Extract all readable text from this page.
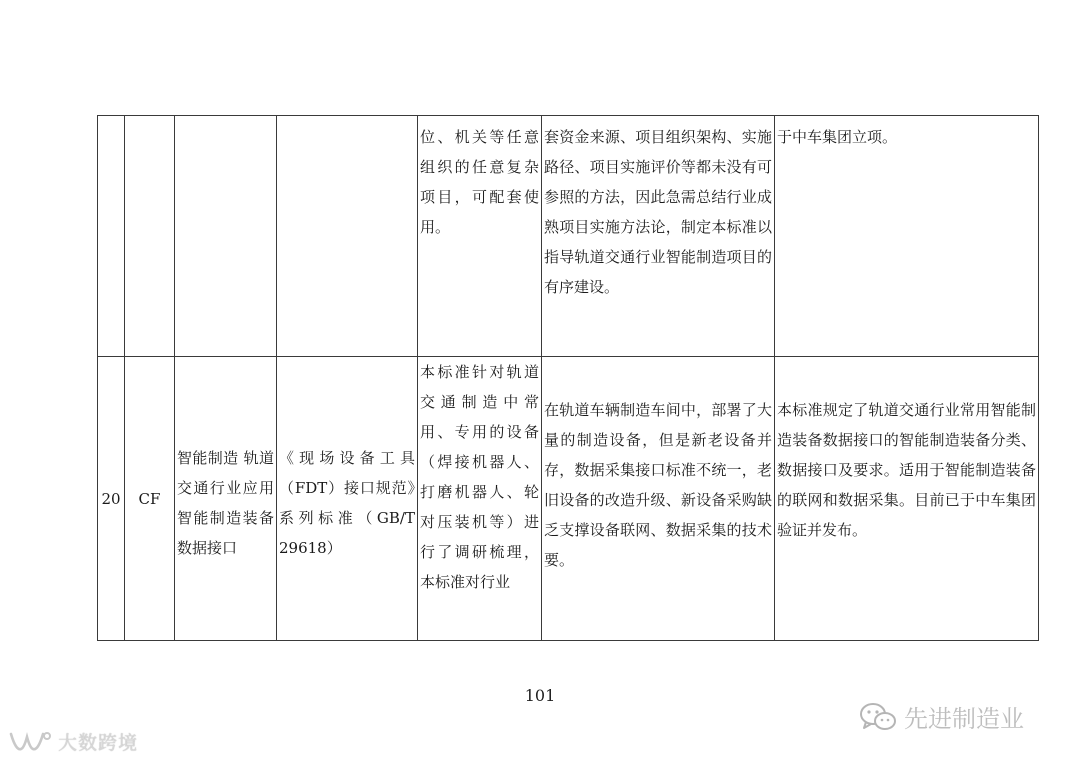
				位、机关等任意组织的任意复杂项目，可配套使用。	套资金来源、项目组织架构、实施路径、项目实施评价等都未没有可参照的方法，因此急需总结行业成熟项目实施方法论，制定本标准以指导轨道交通行业智能制造项目的有序建设。	于中车集团立项。

20	CF	智能制造 轨道交通行业应用 智能制造装备数据接口	《现场设备工具（FDT）接口规范》系列标准（GB/T 29618）	本标准针对轨道交通制造中常用、专用的设备（焊接机器人、打磨机器人、轮对压装机等）进行了调研梳理，本标准对行业	在轨道车辆制造车间中，部署了大量的制造设备，但是新老设备并存，数据采集接口标准不统一，老旧设备的改造升级、新设备采购缺乏支撑设备联网、数据采集的技术要。	本标准规定了轨道交通行业常用智能制造装备数据接口的智能制造装备分类、数据接口及要求。适用于智能制造装备的联网和数据采集。目前已于中车集团验证并发布。
101
大数跨境
先进制造业
